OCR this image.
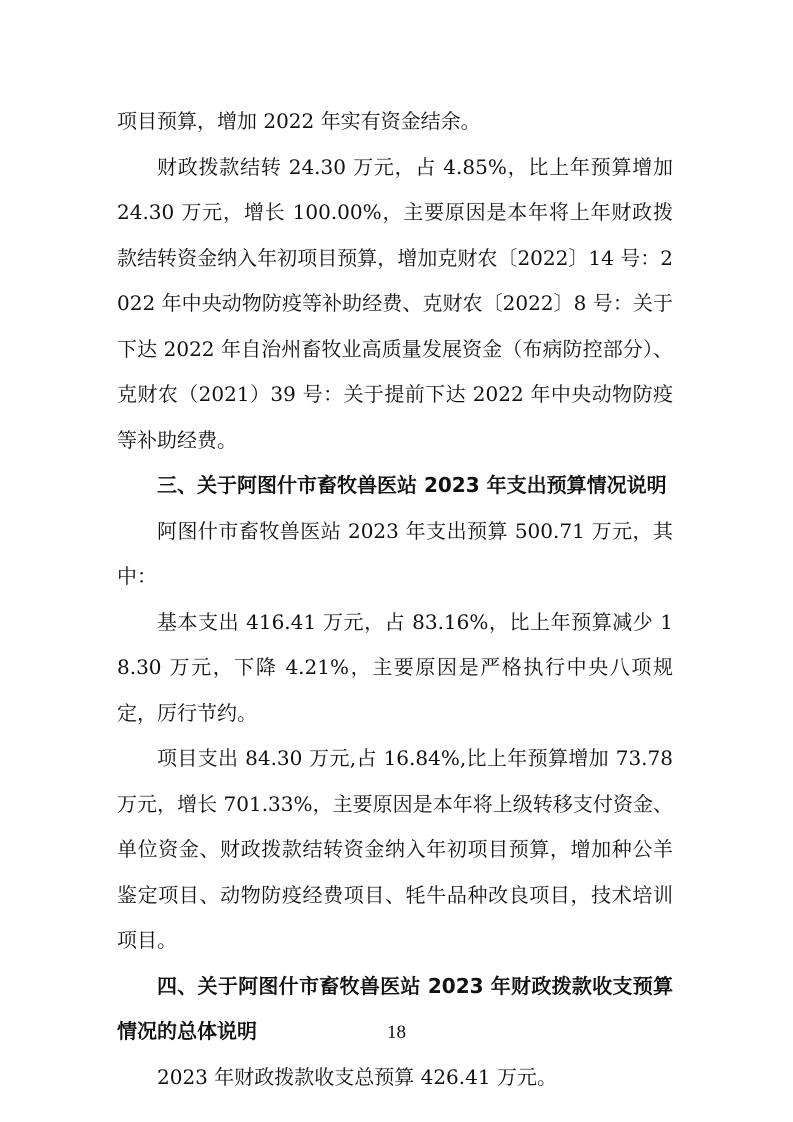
项目预算，增加 2022 年实有资金结余。

财政拨款结转 24.30 万元，占 4.85%，比上年预算增加 24.30 万元，增长 100.00%，主要原因是本年将上年财政拨款结转资金纳入年初项目预算，增加克财农〔2022〕14 号：2022 年中央动物防疫等补助经费、克财农〔2022〕8 号：关于下达 2022 年自治州畜牧业高质量发展资金（布病防控部分）、克财农（2021）39 号：关于提前下达 2022 年中央动物防疫等补助经费。

三、关于阿图什市畜牧兽医站 2023 年支出预算情况说明

阿图什市畜牧兽医站 2023 年支出预算 500.71 万元，其中：

基本支出 416.41 万元，占 83.16%，比上年预算减少 18.30 万元，下降 4.21%，主要原因是严格执行中央八项规定，厉行节约。

项目支出 84.30 万元,占 16.84%,比上年预算增加 73.78 万元，增长 701.33%，主要原因是本年将上级转移支付资金、单位资金、财政拨款结转资金纳入年初项目预算，增加种公羊鉴定项目、动物防疫经费项目、牦牛品种改良项目，技术培训项目。

四、关于阿图什市畜牧兽医站 2023 年财政拨款收支预算情况的总体说明

2023 年财政拨款收支总预算 426.41 万元。

18
